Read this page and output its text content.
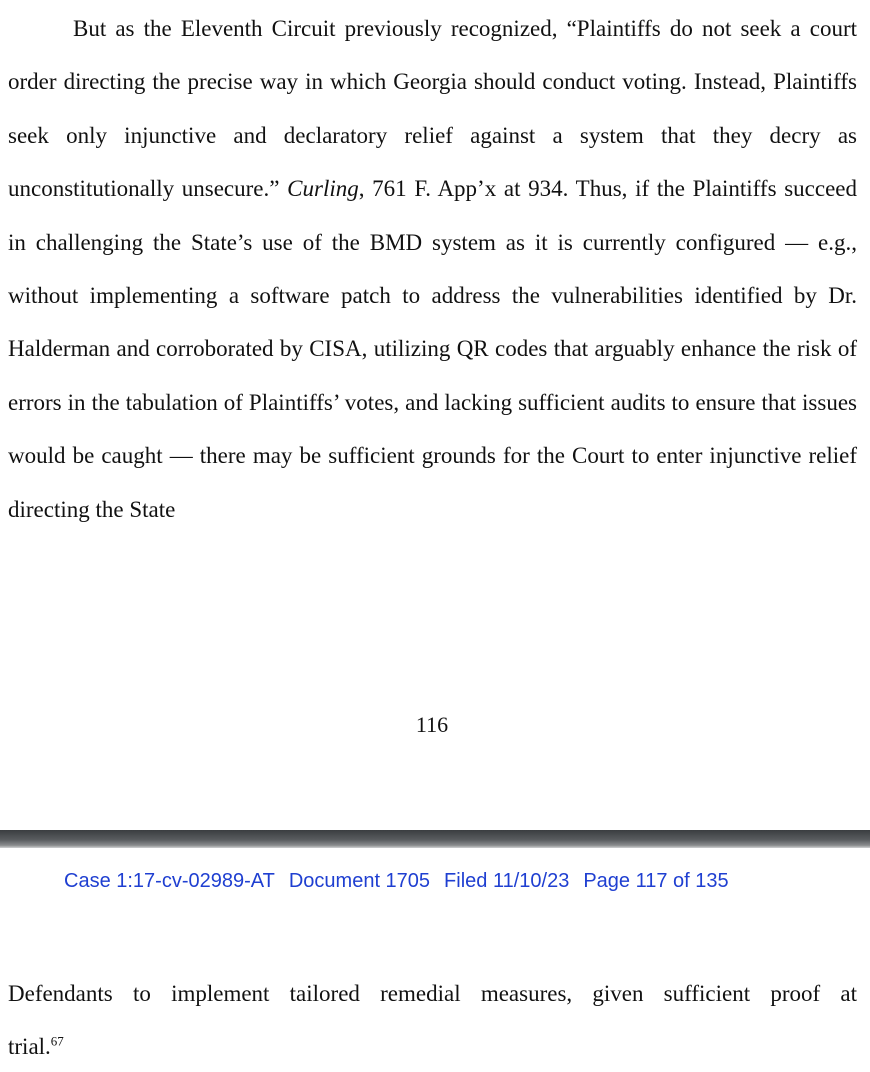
But as the Eleventh Circuit previously recognized, “Plaintiffs do not seek a court order directing the precise way in which Georgia should conduct voting. Instead, Plaintiffs seek only injunctive and declaratory relief against a system that they decry as unconstitutionally unsecure.” Curling, 761 F. App’x at 934. Thus, if the Plaintiffs succeed in challenging the State’s use of the BMD system as it is currently configured — e.g., without implementing a software patch to address the vulnerabilities identified by Dr. Halderman and corroborated by CISA, utilizing QR codes that arguably enhance the risk of errors in the tabulation of Plaintiffs’ votes, and lacking sufficient audits to ensure that issues would be caught — there may be sufficient grounds for the Court to enter injunctive relief directing the State

116
Case 1:17-cv-02989-AT Document 1705 Filed 11/10/23 Page 117 of 135

Defendants to implement tailored remedial measures, given sufficient proof at
trial.$^{67}$
